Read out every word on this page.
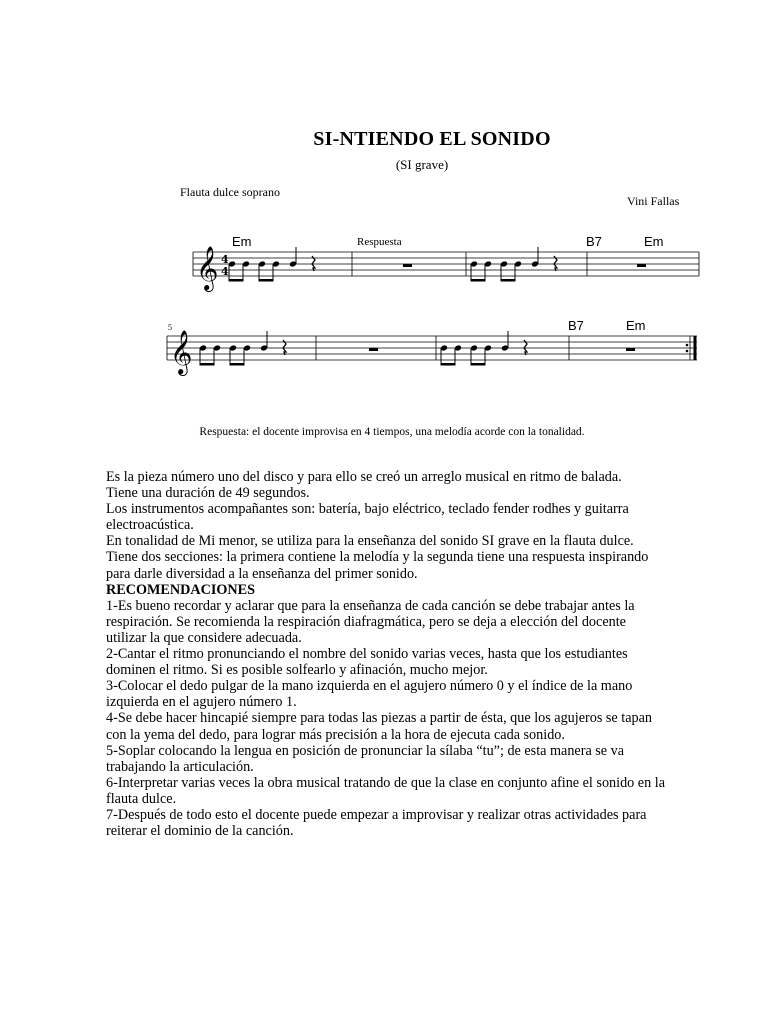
SI-NTIENDO EL SONIDO
(SI grave)
Flauta dulce soprano
Vini Fallas
Em	Respuesta	B7	Em
5	B7	Em
𝄞
𝄞
4
4
Respuesta: el docente improvisa en 4 tiempos, una melodía acorde con la tonalidad.

Es la pieza número uno del disco y para ello se creó un arreglo musical en ritmo de balada.

Tiene una duración de 49 segundos.

Los instrumentos acompañantes son: batería, bajo eléctrico, teclado fender rodhes y guitarra electroacústica.

En tonalidad de Mi menor, se utiliza para la enseñanza del sonido SI grave en la flauta dulce.

Tiene dos secciones: la primera contiene la melodía y la segunda tiene una respuesta inspirando para darle diversidad a la enseñanza del primer sonido.

RECOMENDACIONES

1-Es bueno recordar y aclarar que para la enseñanza de cada canción se debe trabajar antes la respiración. Se recomienda la respiración diafragmática, pero se deja a elección del docente utilizar la que considere adecuada.

2-Cantar el ritmo pronunciando el nombre del sonido varias veces, hasta que los estudiantes dominen el ritmo. Si es posible solfearlo y afinación, mucho mejor.

3-Colocar el dedo pulgar de la mano izquierda en el agujero número 0 y el índice de la mano izquierda en el agujero número 1.

4-Se debe hacer hincapié siempre para todas las piezas a partir de ésta, que los agujeros se tapan con la yema del dedo, para lograr más precisión a la hora de ejecuta cada sonido.

5-Soplar colocando la lengua en posición de pronunciar la sílaba “tu”; de esta manera se va trabajando la articulación.

6-Interpretar varias veces la obra musical tratando de que la clase en conjunto afine el sonido en la flauta dulce.

7-Después de todo esto el docente puede empezar a improvisar y realizar otras actividades para reiterar el dominio de la canción.
